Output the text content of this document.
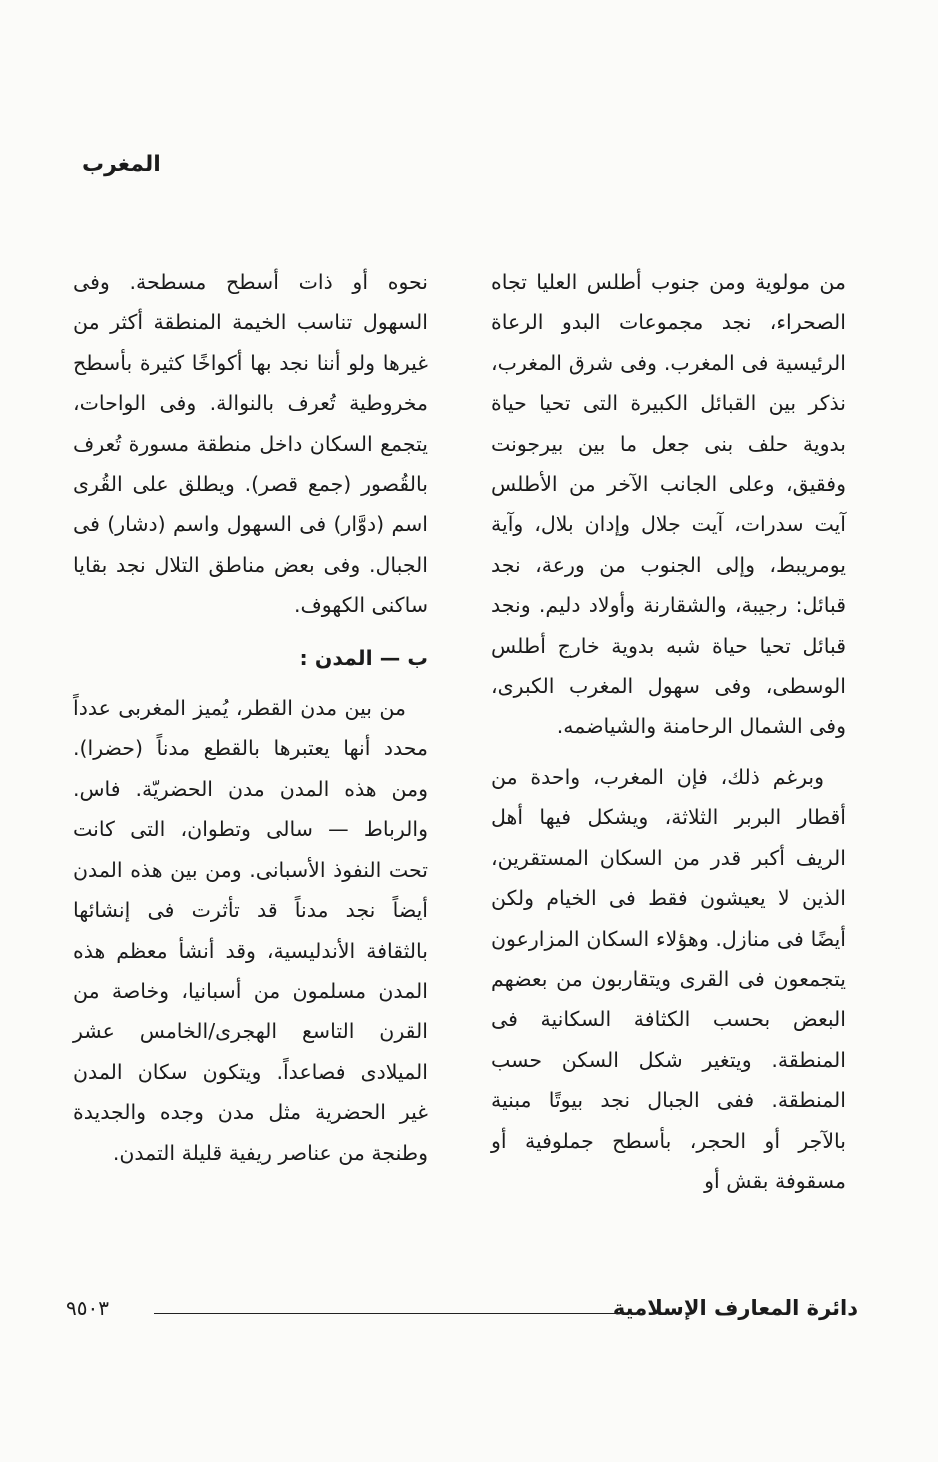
المغرب

من مولوية ومن جنوب أطلس العليا تجاه الصحراء، نجد مجموعات البدو الرعاة الرئيسية فى المغرب. وفى شرق المغرب، نذكر بين القبائل الكبيرة التى تحيا حياة بدوية حلف بنى جعل ما بين بيرجونت وفقيق، وعلى الجانب الآخر من الأطلس آيت سدرات، آيت جلال وإدان بلال، وآية يومريبط، وإلى الجنوب من ورعة، نجد قبائل: رجيبة، والشقارنة وأولاد دليم. ونجد قبائل تحيا حياة شبه بدوية خارج أطلس الوسطى، وفى سهول المغرب الكبرى، وفى الشمال الرحامنة والشياضمه.

وبرغم ذلك، فإن المغرب، واحدة من أقطار البربر الثلاثة، ويشكل فيها أهل الريف أكبر قدر من السكان المستقرين، الذين لا يعيشون فقط فى الخيام ولكن أيضًا فى منازل. وهؤلاء السكان المزارعون يتجمعون فى القرى ويتقاربون من بعضهم البعض بحسب الكثافة السكانية فى المنطقة. ويتغير شكل السكن حسب المنطقة. ففى الجبال نجد بيوتًا مبنية بالآجر أو الحجر، بأسطح جملوفية أو مسقوفة بقش أو

نحوه أو ذات أسطح مسطحة. وفى السهول تناسب الخيمة المنطقة أكثر من غيرها ولو أننا نجد بها أكواخًا كثيرة بأسطح مخروطية تُعرف بالنوالة. وفى الواحات، يتجمع السكان داخل منطقة مسورة تُعرف بالقُصور (جمع قصر). ويطلق على القُرى اسم (دوَّار) فى السهول واسم (دشار) فى الجبال. وفى بعض مناطق التلال نجد بقايا ساكنى الكهوف.

ب — المدن :

من بين مدن القطر، يُميز المغربى عدداً محدد أنها يعتبرها بالقطع مدناً (حضرا). ومن هذه المدن مدن الحضريّة. فاس. والرباط — سالى وتطوان، التى كانت تحت النفوذ الأسبانى. ومن بين هذه المدن أيضاً نجد مدناً قد تأثرت فى إنشائها بالثقافة الأندليسية، وقد أنشأ معظم هذه المدن مسلمون من أسبانيا، وخاصة من القرن التاسع الهجرى/الخامس عشر الميلادى فصاعداً. ويتكون سكان المدن غير الحضرية مثل مدن وجده والجديدة وطنجة من عناصر ريفية قليلة التمدن.

دائرة المعارف الإسلامية
٩٥٠٣
